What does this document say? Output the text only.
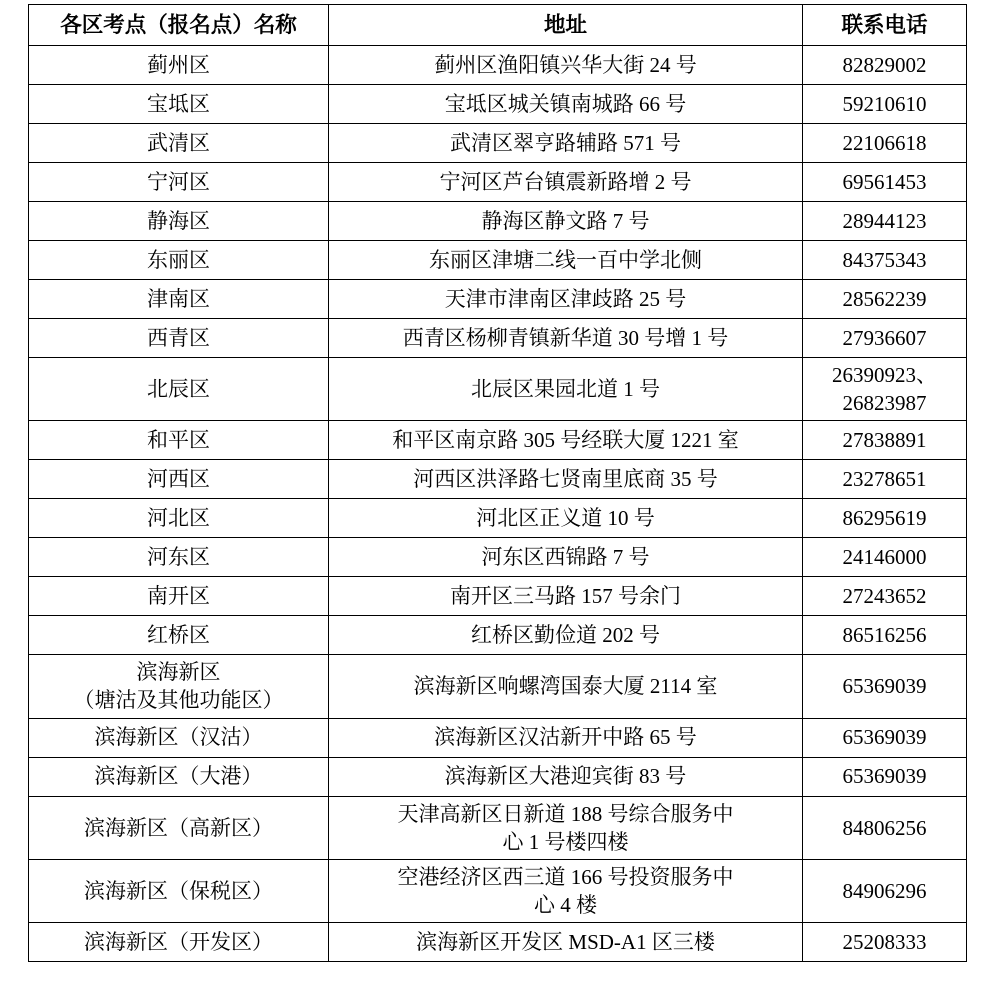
各区考点（报名点）名称	地址	联系电话

蓟州区	蓟州区渔阳镇兴华大街 24 号	82829002

宝坻区	宝坻区城关镇南城路 66 号	59210610

武清区	武清区翠亨路辅路 571 号	22106618

宁河区	宁河区芦台镇震新路增 2 号	69561453

静海区	静海区静文路 7 号	28944123

东丽区	东丽区津塘二线一百中学北侧	84375343

津南区	天津市津南区津歧路 25 号	28562239

西青区	西青区杨柳青镇新华道 30 号增 1 号	27936607

北辰区	北辰区果园北道 1 号	26390923、
26823987

和平区	和平区南京路 305 号经联大厦 1221 室	27838891

河西区	河西区洪泽路七贤南里底商 35 号	23278651

河北区	河北区正义道 10 号	86295619

河东区	河东区西锦路 7 号	24146000

南开区	南开区三马路 157 号余门	27243652

红桥区	红桥区勤俭道 202 号	86516256

滨海新区
（塘沽及其他功能区）	滨海新区响螺湾国泰大厦 2114 室	65369039

滨海新区（汉沽）	滨海新区汉沽新开中路 65 号	65369039

滨海新区（大港）	滨海新区大港迎宾街 83 号	65369039

滨海新区（高新区）	天津高新区日新道 188 号综合服务中
心 1 号楼四楼	84806256

滨海新区（保税区）	空港经济区西三道 166 号投资服务中
心 4 楼	84906296

滨海新区（开发区）	滨海新区开发区 MSD-A1 区三楼	25208333
